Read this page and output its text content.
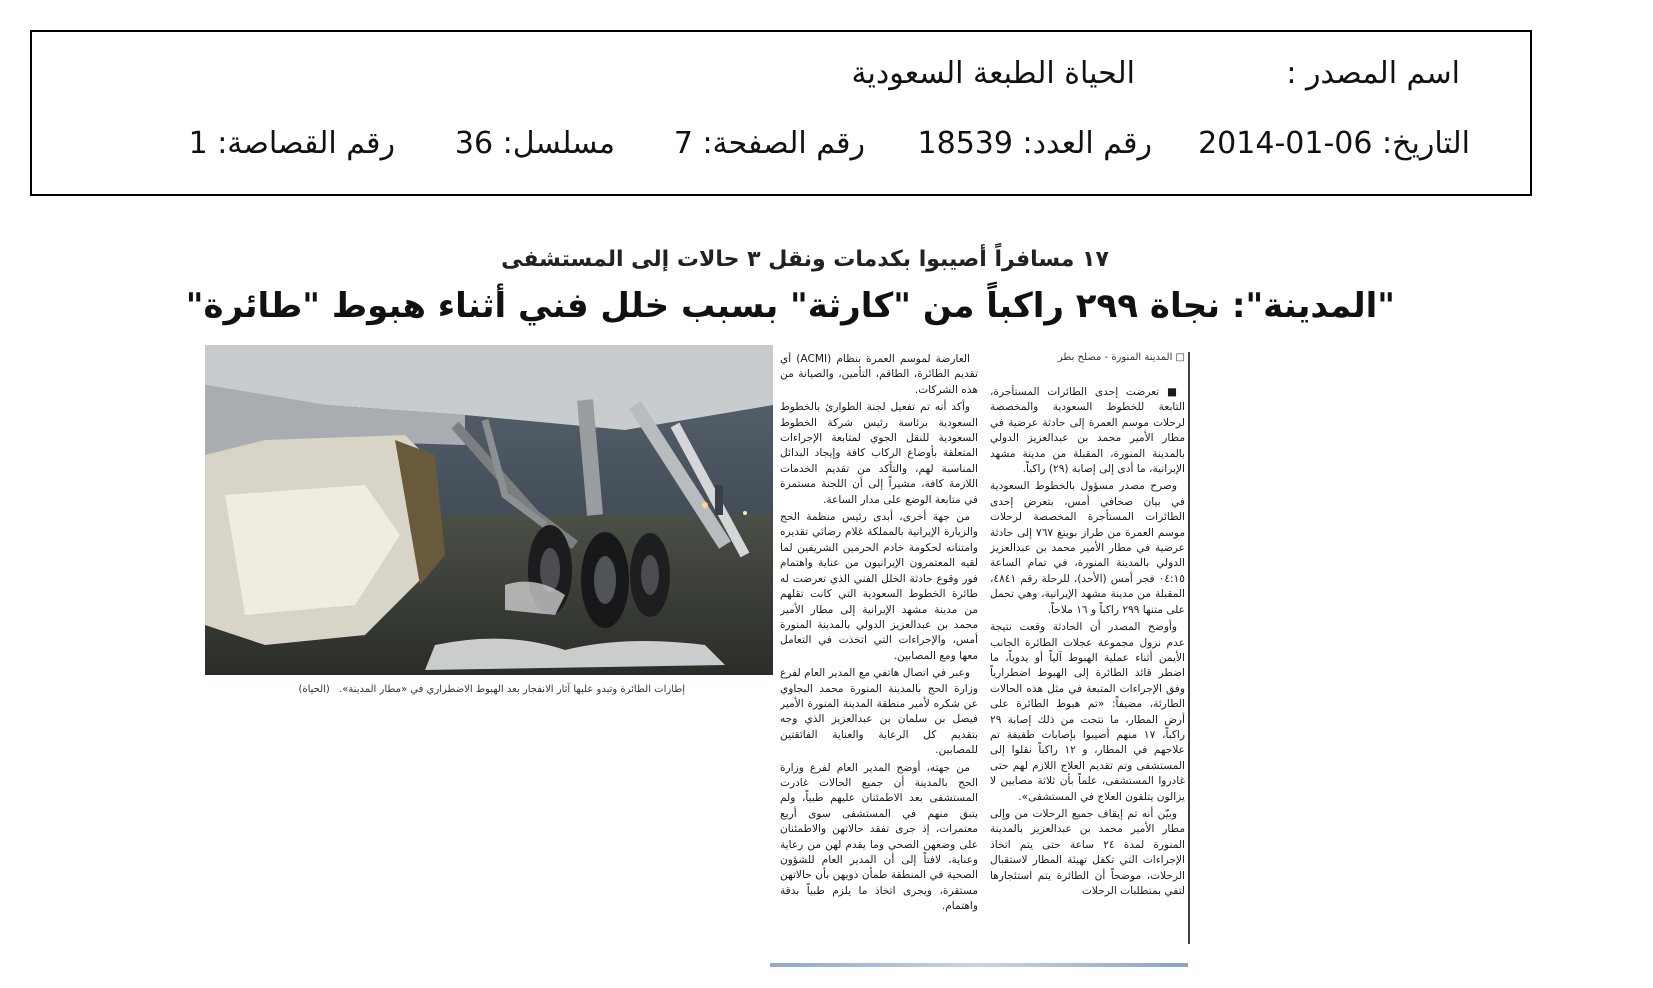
اسم المصدر :
الحياة الطبعة السعودية
التاريخ: 06-01-2014
رقم العدد: 18539
رقم الصفحة: 7
مسلسل: 36
رقم القصاصة: 1
١٧ مسافراً أصيبوا بكدمات ونقل ٣ حالات إلى المستشفى
"المدينة": نجاة ٢٩٩ راكباً من "كارثة" بسبب خلل فني أثناء هبوط "طائرة"
إطارات الطائرة وتبدو عليها آثار الانفجار بعد الهبوط الاضطراري في «مطار المدينة». (الحياة)
□ المدينة المنورة - مصلح بطر

■ تعرضت إحدى الطائرات المستأجرة، التابعة للخطوط السعودية والمخصصة لرحلات موسم العمرة إلى حادثة عرضية في مطار الأمير محمد بن عبدالعزيز الدولي بالمدينة المنورة، المقبلة من مدينة مشهد الإيرانية، ما أدى إلى إصابة (٢٩) راكباً.

وصرح مصدر مسؤول بالخطوط السعودية في بيان صحافي أمس، بتعرض إحدى الطائرات المستأجرة المخصصة لرحلات موسم العمرة من طراز بوينغ ٧٦٧ إلى حادثة عرضية في مطار الأمير محمد بن عبدالعزيز الدولي بالمدينة المنورة، في تمام الساعة ٠٤:١٥ فجر أمس (الأحد)، للرحلة رقم ٤٨٤١، المقبلة من مدينة مشهد الإيرانية، وهي تحمل على متنها ٢٩٩ راكباً و ١٦ ملاحاً.

وأوضح المصدر أن الحادثة وقعت نتيجة عدم نزول مجموعة عجلات الطائرة الجانب الأيمن أثناء عملية الهبوط آلياً أو يدوياً، ما اضطر قائد الطائرة إلى الهبوط اضطرارياً وفق الإجراءات المتبعة في مثل هذه الحالات الطارئة، مضيفاً: «تم هبوط الطائرة على أرض المطار، ما نتجت من ذلك إصابة ٢٩ راكباً، ١٧ منهم أصيبوا بإصابات طفيفة تم علاجهم في المطار، و ١٢ راكباً نقلوا إلى المستشفى وتم تقديم العلاج اللازم لهم حتى غادروا المستشفى، علماً بأن ثلاثة مصابين لا يزالون يتلقون العلاج في المستشفى».

وبيّن أنه تم إيقاف جميع الرحلات من وإلى مطار الأمير محمد بن عبدالعزيز بالمدينة المنورة لمدة ٢٤ ساعة حتى يتم اتخاذ الإجراءات التي تكفل تهيئة المطار لاستقبال الرحلات، موضحاً أن الطائرة يتم استئجارها لتفي بمتطلبات الرحلات

العارضة لموسم العمرة بنظام (ACMI) أي تقديم الطائرة، الطاقم، التأمين، والصيانة من هذه الشركات.

وأكد أنه تم تفعيل لجنة الطوارئ بالخطوط السعودية برئاسة رئيس شركة الخطوط السعودية للنقل الجوي لمتابعة الإجراءات المتعلقة بأوضاع الركاب كافة وإيجاد البدائل المناسبة لهم، والتأكد من تقديم الخدمات اللازمة كافة، مشيراً إلى أن اللجنة مستمرة في متابعة الوضع على مدار الساعة.

من جهة أخرى، أبدى رئيس منظمة الحج والزيارة الإيرانية بالمملكة غلام رضائي تقديره وامتنانه لحكومة خادم الحرمين الشريفين لما لقيه المعتمرون الإيرانيون من عناية واهتمام فور وقوع حادثة الخلل الفني الذي تعرضت له طائرة الخطوط السعودية التي كانت تقلهم من مدينة مشهد الإيرانية إلى مطار الأمير محمد بن عبدالعزيز الدولي بالمدينة المنورة أمس، والإجراءات التي اتخذت في التعامل معها ومع المصابين.

وعبر في اتصال هاتفي مع المدير العام لفرع وزارة الحج بالمدينة المنورة محمد البجاوي عن شكره لأمير منطقة المدينة المنورة الأمير فيصل بن سلمان بن عبدالعزيز الذي وجه بتقديم كل الرعاية والعناية الفائقتين للمصابين.

من جهته، أوضح المدير العام لفرع وزارة الحج بالمدينة أن جميع الحالات غادرت المستشفى بعد الاطمئنان عليهم طبياً، ولم يتبق منهم في المستشفى سوى أربع معتمرات، إذ جرى تفقد حالاتهن والاطمئنان على وضعهن الصحي وما يقدم لهن من رعاية وعناية، لافتاً إلى أن المدير العام للشؤون الصحية في المنطقة طمأن ذويهن بأن حالاتهن مستقرة، ويجرى اتخاذ ما يلزم طبياً بدقة واهتمام.
